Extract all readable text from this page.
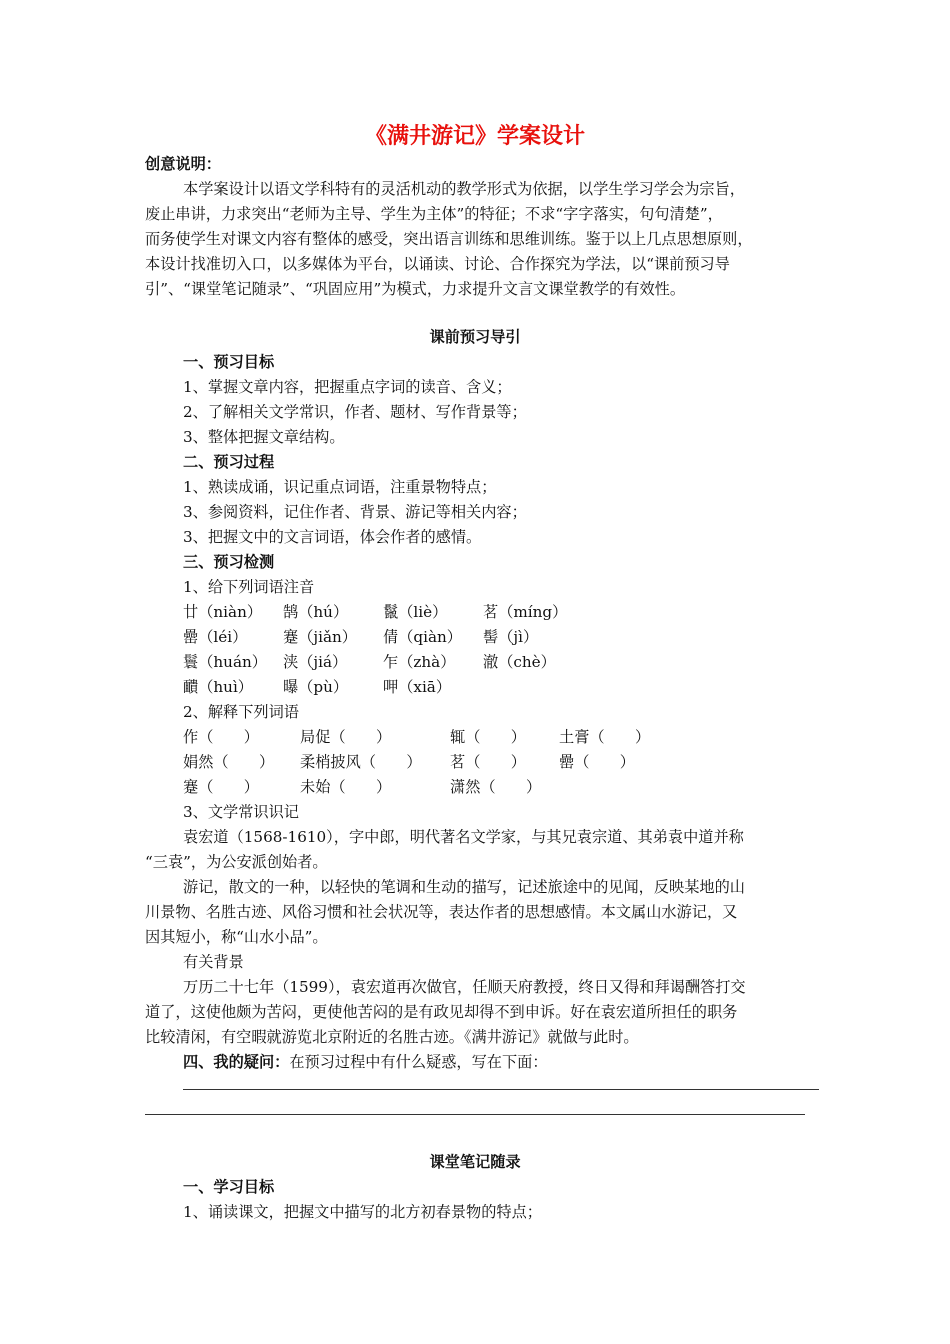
《满井游记》学案设计
创意说明：
本学案设计以语文学科特有的灵活机动的教学形式为依据，以学生学习学会为宗旨，
废止串讲，力求突出“老师为主导、学生为主体”的特征；不求“字字落实，句句清楚”，
而务使学生对课文内容有整体的感受，突出语言训练和思维训练。鉴于以上几点思想原则，
本设计找准切入口，以多媒体为平台，以诵读、讨论、合作探究为学法，以“课前预习导
引”、“课堂笔记随录”、“巩固应用”为模式，力求提升文言文课堂教学的有效性。
课前预习导引
一、预习目标
1、掌握文章内容，把握重点字词的读音、含义；
2、了解相关文学常识，作者、题材、写作背景等；
3、整体把握文章结构。
二、预习过程
1、熟读成诵，识记重点词语，注重景物特点；
3、参阅资料，记住作者、背景、游记等相关内容；
3、把握文中的文言词语，体会作者的感情。
三、预习检测
1、给下列词语注音
廿（niàn） 鹄（hú） 鬣（liè） 茗（míng）
罍（léi） 蹇（jiǎn） 倩（qiàn） 髻（jì）
鬟（huán） 浃（jiá） 乍（zhà） 澈（chè）
靧（huì） 曝（pù） 呷（xiā）
2、解释下列词语
作（　　）	局促（　　）	辄（　　） 土膏（　　）
娟然（　　） 柔梢披风（　　） 茗（　　） 罍（　　）
蹇（　　）	未始（　　）	潇然（　　）
3、文学常识识记
袁宏道（1568-1610），字中郎，明代著名文学家，与其兄袁宗道、其弟袁中道并称
“三袁”，为公安派创始者。
游记，散文的一种，以轻快的笔调和生动的描写，记述旅途中的见闻，反映某地的山
川景物、名胜古迹、风俗习惯和社会状况等，表达作者的思想感情。本文属山水游记，又
因其短小，称“山水小品”。
有关背景
万历二十七年（1599），袁宏道再次做官，任顺天府教授，终日又得和拜谒酬答打交
道了，这使他颇为苦闷，更使他苦闷的是有政见却得不到申诉。好在袁宏道所担任的职务
比较清闲，有空暇就游览北京附近的名胜古迹。《满井游记》就做与此时。
四、我的疑问：在预习过程中有什么疑惑，写在下面：
课堂笔记随录
一、学习目标
1、诵读课文，把握文中描写的北方初春景物的特点；
